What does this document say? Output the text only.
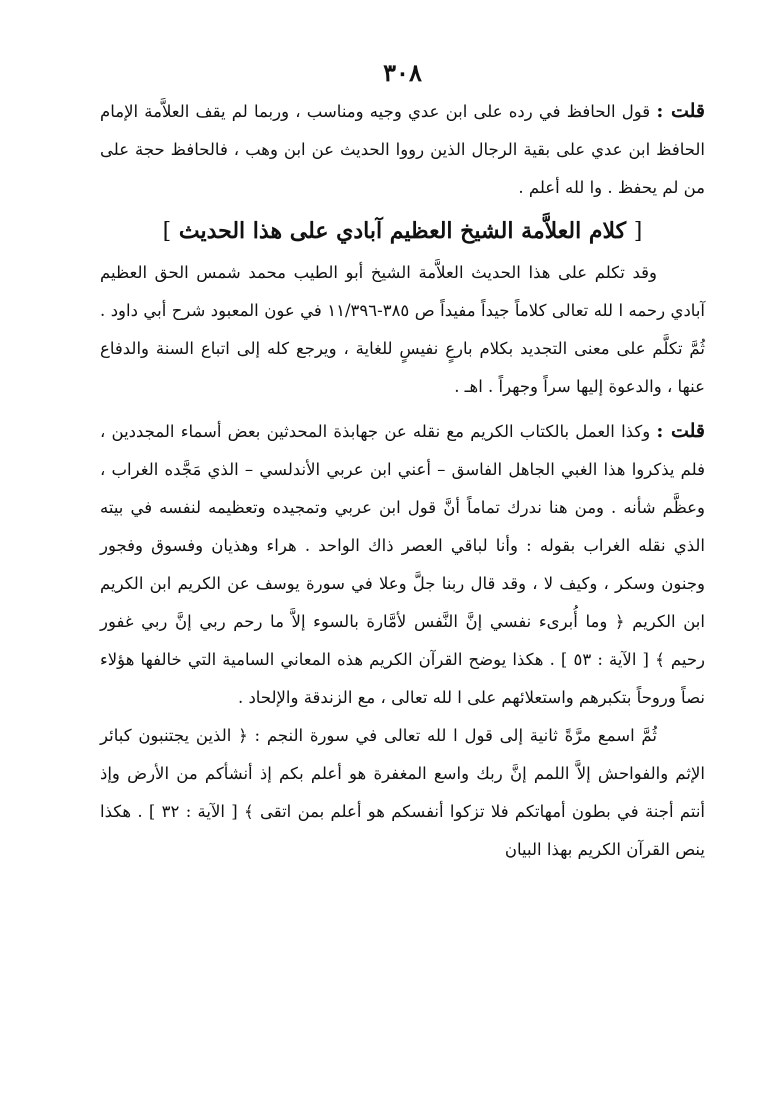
٣٠٨

قلت : قول الحافظ في رده على ابن عدي وجيه ومناسب ، وربما لم يقف العلاَّمة الإمام الحافظ ابن عدي على بقية الرجال الذين رووا الحديث عن ابن وهب ، فالحافظ حجة على من لم يحفظ . وا لله أعلم .

[ كلام العلاَّمة الشيخ العظيم آبادي على هذا الحديث ]

وقد تكلم على هذا الحديث العلاَّمة الشيخ أبو الطيب محمد شمس الحق العظيم آبادي رحمه ا لله تعالى كلاماً جيداً مفيداً ص ٣٨٥-١١/٣٩٦ في عون المعبود شرح أبي داود . ثُمَّ تكلَّم على معنى التجديد بكلام بارعٍ نفيسٍ للغاية ، ويرجع كله إلى اتباع السنة والدفاع عنها ، والدعوة إليها سراً وجهراً . اهـ .

قلت : وكذا العمل بالكتاب الكريم مع نقله عن جهابذة المحدثين بعض أسماء المجددين ، فلم يذكروا هذا الغبي الجاهل الفاسق – أعني ابن عربي الأندلسي – الذي مَجَّده الغراب ، وعظَّم شأنه . ومن هنا ندرك تماماً أنَّ قول ابن عربي وتمجيده وتعظيمه لنفسه في بيته الذي نقله الغراب بقوله : وأنا لباقي العصر ذاك الواحد . هراء وهذيان وفسوق وفجور وجنون وسكر ، وكيف لا ، وقد قال ربنا جلَّ وعلا في سورة يوسف عن الكريم ابن الكريم ابن الكريم ﴿ وما أُبرىء نفسي إنَّ النَّفس لأمَّارة بالسوء إلاَّ ما رحم ربي إنَّ ربي غفور رحيم ﴾ [ الآية : ٥٣ ] . هكذا يوضح القرآن الكريم هذه المعاني السامية التي خالفها هؤلاء نصاً وروحاً بتكبرهم واستعلائهم على ا لله تعالى ، مع الزندقة والإلحاد .

ثُمَّ اسمع مرَّةً ثانية إلى قول ا لله تعالى في سورة النجم : ﴿ الذين يجتنبون كبائر الإثم والفواحش إلاَّ اللمم إنَّ ربك واسع المغفرة هو أعلم بكم إذ أنشأكم من الأرض وإذ أنتم أجنة في بطون أمهاتكم فلا تزكوا أنفسكم هو أعلم بمن اتقى ﴾ [ الآية : ٣٢ ] . هكذا ينص القرآن الكريم بهذا البيان
